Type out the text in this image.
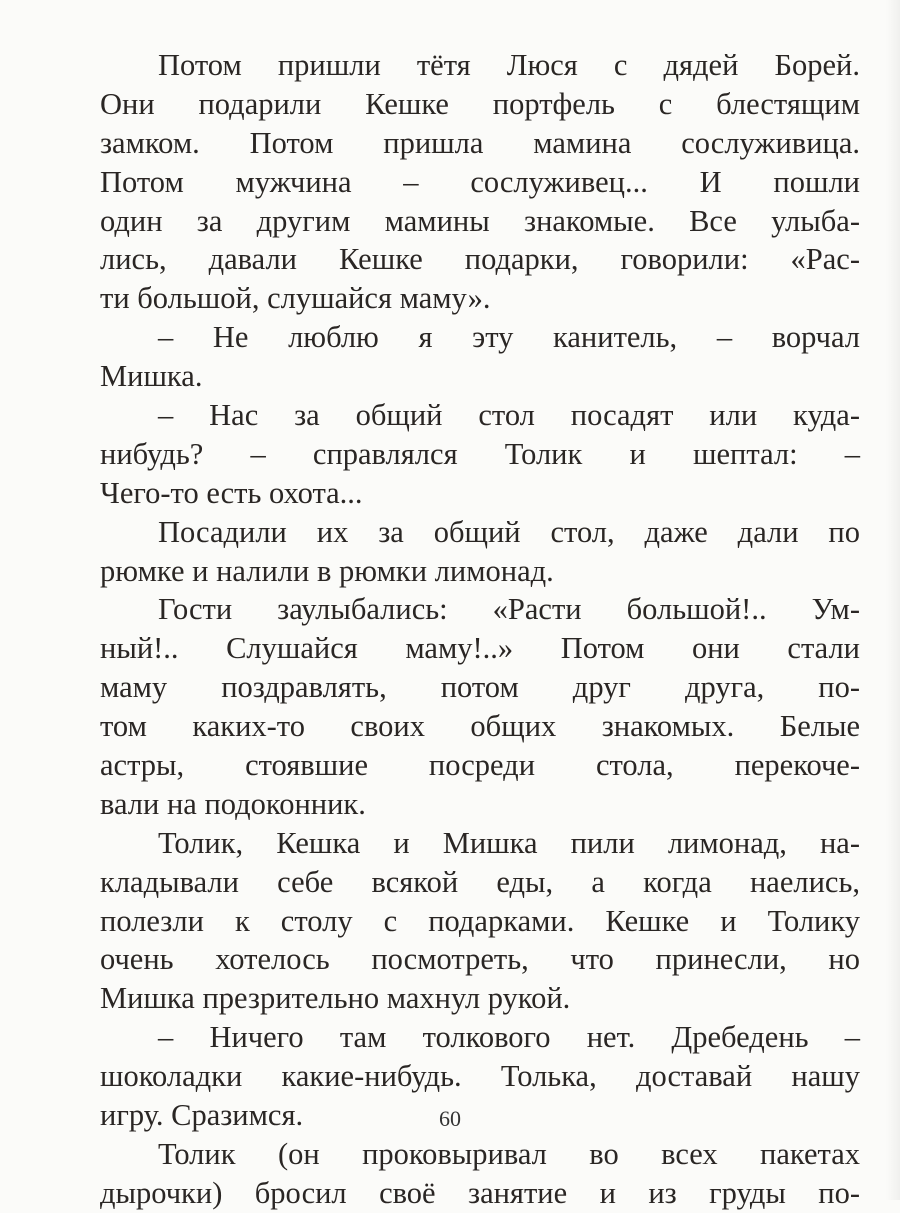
Потом пришли тётя Люся с дядей Борей.
Они подарили Кешке портфель с блестящим
замком. Потом пришла мамина сослуживица.
Потом мужчина – сослуживец... И пошли
один за другим мамины знакомые. Все улыба-
лись, давали Кешке подарки, говорили: «Рас-
ти большой, слушайся маму».
– Не люблю я эту канитель, – ворчал
Мишка.
– Нас за общий стол посадят или куда-
нибудь? – справлялся Толик и шептал: –
Чего-то есть охота...
Посадили их за общий стол, даже дали по
рюмке и налили в рюмки лимонад.
Гости заулыбались: «Расти большой!.. Ум-
ный!.. Слушайся маму!..» Потом они стали
маму поздравлять, потом друг друга, по-
том каких-то своих общих знакомых. Белые
астры, стоявшие посреди стола, перекоче-
вали на подоконник.
Толик, Кешка и Мишка пили лимонад, на-
кладывали себе всякой еды, а когда наелись,
полезли к столу с подарками. Кешке и Толику
очень хотелось посмотреть, что принесли, но
Мишка презрительно махнул рукой.
– Ничего там толкового нет. Дребедень –
шоколадки какие-нибудь. Толька, доставай нашу
игру. Сразимся.
Толик (он проковыривал во всех пакетах
дырочки) бросил своё занятие и из груды по-
60
